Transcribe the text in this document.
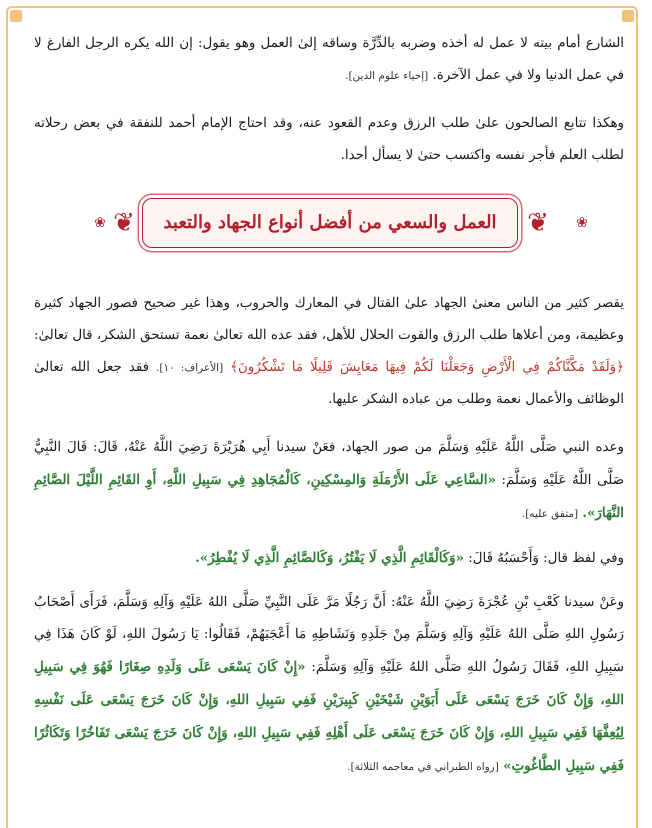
الشارع أمام بيته لا عمل له أخذه وضربه بالدِّرَّة وساقه إلىٰ العمل وهو يقول: إن الله يكره الرجل الفارغ لا في عمل الدنيا ولا في عمل الآخرة. [إحياء علوم الدين].

وهكذا تتابع الصالحون علىٰ طلب الرزق وعدم القعود عنه، وقد احتاج الإمام أحمد للنفقة في بعض رحلاته لطلب العلم فأجر نفسه واكتسب حتىٰ لا يسأل أحدا.

❀
❦
العمل والسعي من أفضل أنواع الجهاد والتعبد
❦
❀

يقصر كثير من الناس معنىٰ الجهاد علىٰ القتال في المعارك والحروب، وهذا غير صحيح فصور الجهاد كثيرة وعظيمة، ومن أعلاها طلب الرزق والقوت الحلال للأهل، فقد عده الله تعالىٰ نعمة تستحق الشكر، قال تعالىٰ: ﴿وَلَقَدْ مَكَّنَّاكُمْ فِي الْأَرْضِ وَجَعَلْنَا لَكُمْ فِيهَا مَعَايِشَ قَلِيلًا مَا تَشْكُرُونَ﴾ [الأعراف: ١٠]. فقد جعل الله تعالىٰ الوظائف والأعمال نعمة وطلب من عباده الشكر عليها.

وعده النبي صَلَّى اللَّهُ عَلَيْهِ وَسَلَّمَ من صور الجهاد، فعَنْ سيدنا أَبِي هُرَيْرَةَ رَضِيَ اللَّهُ عَنْهُ، قَالَ: قَالَ النَّبِيُّ صَلَّى اللَّهُ عَلَيْهِ وَسَلَّمَ: «السَّاعِي عَلَى الأَرْمَلَةِ وَالمِسْكِينِ، كَالْمُجَاهِدِ فِي سَبِيلِ اللَّهِ، أَوِ القَائِمِ اللَّيْلَ الصَّائِمِ النَّهَارَ». [متفق عليه].

وفي لفظ قال: وَأَحْسَبُهُ قَالَ: «وَكَالْقَائِمِ الَّذِي لَا يَفْتُرُ، وَكَالصَّائِمِ الَّذِي لَا يُفْطِرُ».

وعَنْ سيدنا كَعْبِ بْنِ عُجْرَةَ رَضِيَ اللَّهُ عَنْهُ: أَنَّ رَجُلًا مَرَّ عَلَى النَّبِيِّ صَلَّى اللهُ عَلَيْهِ وَآلِهِ وَسَلَّمَ، فَرَأَى أَصْحَابُ رَسُولِ اللهِ صَلَّى اللهُ عَلَيْهِ وَآلِهِ وَسَلَّمَ مِنْ جَلَدِهِ وَنَشَاطِهِ مَا أَعْجَبَهُمْ، فَقَالُوا: يَا رَسُولَ اللهِ، لَوْ كَانَ هَذَا فِي سَبِيلِ اللهِ، فَقَالَ رَسُولُ اللهِ صَلَّى اللهُ عَلَيْهِ وَآلِهِ وَسَلَّمَ: «إِنْ كَانَ يَسْعَى عَلَى وَلَدِهِ صِغَارًا فَهُوَ فِي سَبِيلِ اللهِ، وَإِنْ كَانَ خَرَجَ يَسْعَى عَلَى أَبَوَيْنِ شَيْخَيْنِ كَبِيرَيْنِ فَفِي سَبِيلِ اللهِ، وَإِنْ كَانَ خَرَجَ يَسْعَى عَلَى نَفْسِهِ لِيُعِفَّهَا فَفِي سَبِيلِ اللهِ، وَإِنْ كَانَ خَرَجَ يَسْعَى عَلَى أَهْلِهِ فَفِي سَبِيلِ اللهِ، وَإِنْ كَانَ خَرَجَ يَسْعَى تَفَاخُرًا وَتَكَاثُرًا فَفِي سَبِيلِ الطَّاغُوتِ» [رواه الطبراني في معاجمه الثلاثة].
